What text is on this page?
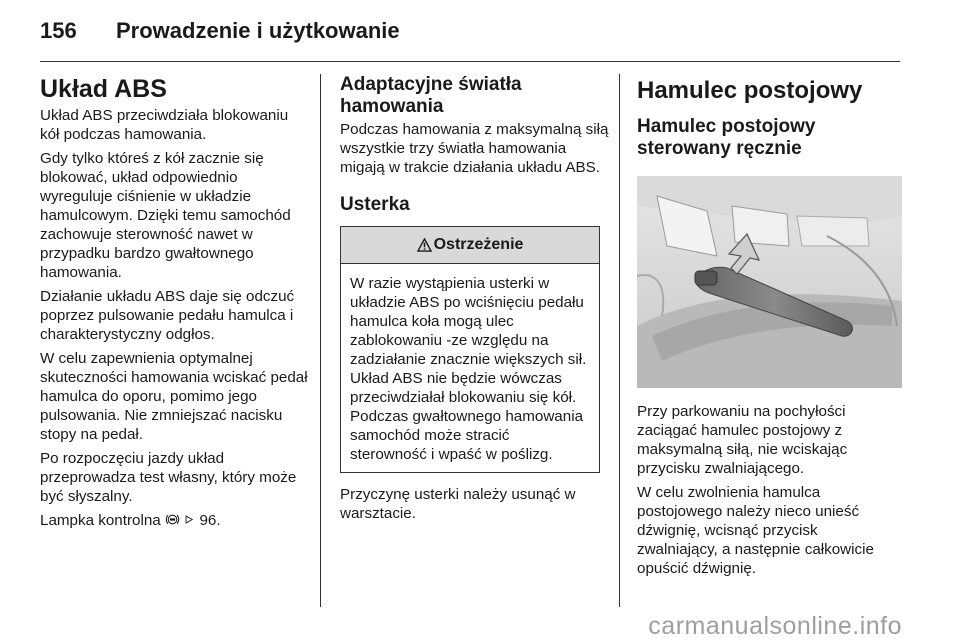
156	Prowadzenie i użytkowanie
Układ ABS

Układ ABS przeciwdziała blokowaniu kół podczas hamowania.

Gdy tylko któreś z kół zacznie się blokować, układ odpowiednio wyreguluje ciśnienie w układzie hamulcowym. Dzięki temu samochód zachowuje sterowność nawet w przypadku bardzo gwałtownego hamowania.

Działanie układu ABS daje się odczuć poprzez pulsowanie pedału hamulca i charakterystyczny odgłos.

W celu zapewnienia optymalnej skuteczności hamowania wciskać pedał hamulca do oporu, pomimo jego pulsowania. Nie zmniejszać nacisku stopy na pedał.

Po rozpoczęciu jazdy układ przeprowadza test własny, który może być słyszalny.

Lampka kontrolna	96.

Adaptacyjne światła hamowania

Podczas hamowania z maksymalną siłą wszystkie trzy światła hamowania migają w trakcie działania układu ABS.

Usterka
Ostrzeżenie
W razie wystąpienia usterki w układzie ABS po wciśnięciu pedału hamulca koła mogą ulec zablokowaniu -ze względu na zadziałanie znacznie większych sił. Układ ABS nie będzie wówczas przeciwdziałał blokowaniu się kół. Podczas gwałtownego hamowania samochód może stracić sterowność i wpaść w poślizg.

Przyczynę usterki należy usunąć w warsztacie.

Hamulec postojowy
Hamulec postojowy sterowany ręcznie

Przy parkowaniu na pochyłości zaciągać hamulec postojowy z maksymalną siłą, nie wciskając przycisku zwalniającego.

W celu zwolnienia hamulca postojowego należy nieco unieść dźwignię, wcisnąć przycisk zwalniający, a następnie całkowicie opuścić dźwignię.

carmanualsonline.info
